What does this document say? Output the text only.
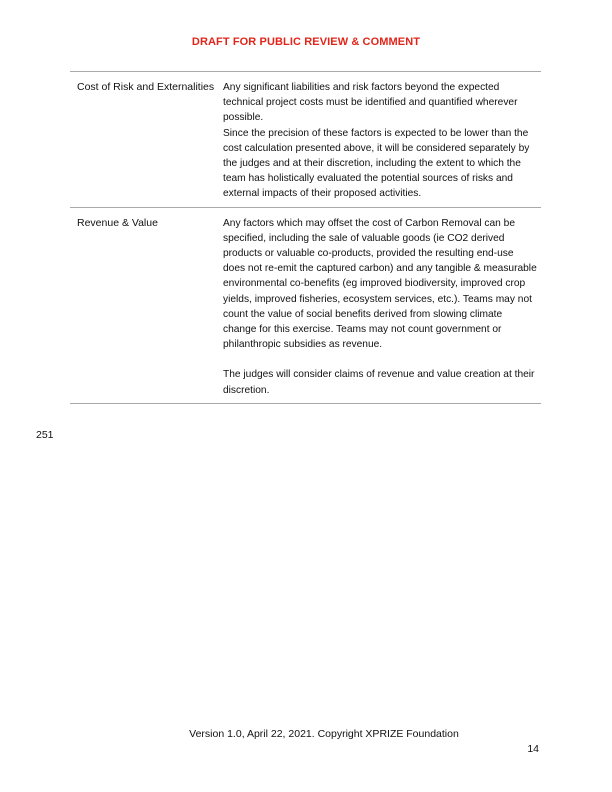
DRAFT FOR PUBLIC REVIEW & COMMENT
Cost of Risk and Externalities Any significant liabilities and risk factors beyond the expected technical project costs must be identified and quantified wherever possible.

Since the precision of these factors is expected to be lower than the cost calculation presented above, it will be considered separately by the judges and at their discretion, including the extent to which the team has holistically evaluated the potential sources of risks and external impacts of their proposed activities.

Revenue & Value	Any factors which may offset the cost of Carbon Removal can be specified, including the sale of valuable goods (ie CO2 derived products or valuable co-products, provided the resulting end-use does not re-emit the captured carbon) and any tangible & measurable environmental co-benefits (eg improved biodiversity, improved crop yields, improved fisheries, ecosystem services, etc.). Teams may not count the value of social benefits derived from slowing climate change for this exercise. Teams may not count government or philanthropic subsidies as revenue.

The judges will consider claims of revenue and value creation at their discretion.

251
Version 1.0, April 22, 2021. Copyright XPRIZE Foundation
14
